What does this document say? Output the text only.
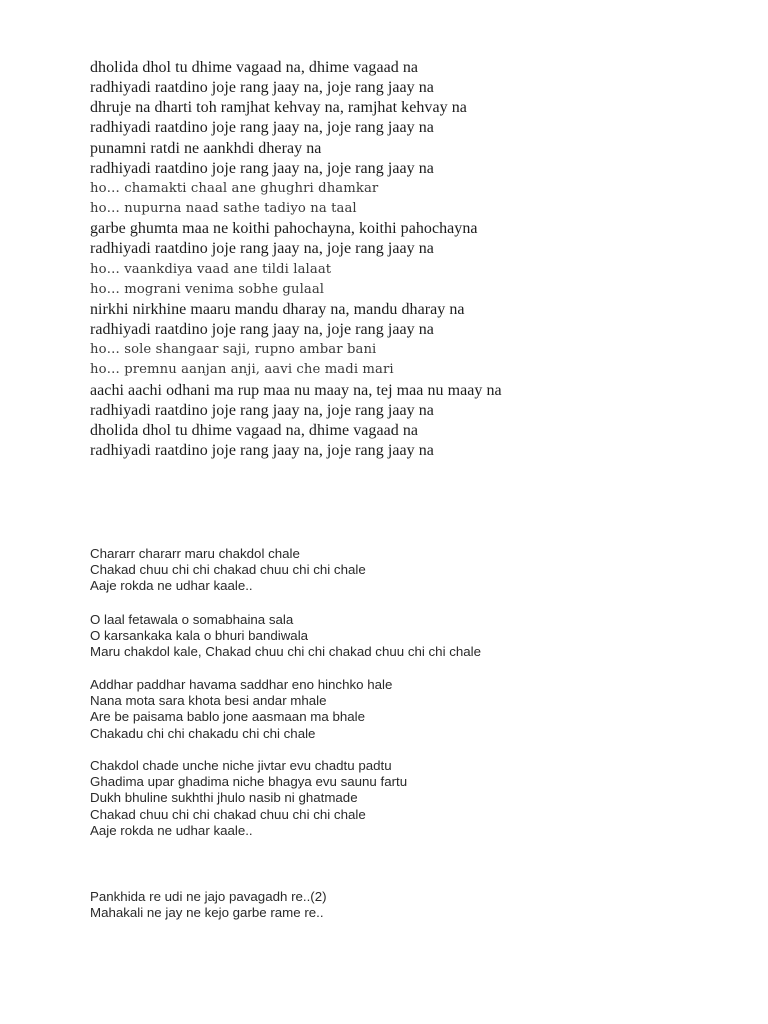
dholida dhol tu dhime vagaad na, dhime vagaad na
radhiyadi raatdino joje rang jaay na, joje rang jaay na
dhruje na dharti toh ramjhat kehvay na, ramjhat kehvay na
radhiyadi raatdino joje rang jaay na, joje rang jaay na
punamni ratdi ne aankhdi dheray na
radhiyadi raatdino joje rang jaay na, joje rang jaay na
ho… chamakti chaal ane ghughri dhamkar
ho… nupurna naad sathe tadiyo na taal
garbe ghumta maa ne koithi pahochayna, koithi pahochayna
radhiyadi raatdino joje rang jaay na, joje rang jaay na
ho… vaankdiya vaad ane tildi lalaat
ho… mograni venima sobhe gulaal
nirkhi nirkhine maaru mandu dharay na, mandu dharay na
radhiyadi raatdino joje rang jaay na, joje rang jaay na
ho… sole shangaar saji, rupno ambar bani
ho… premnu aanjan anji, aavi che madi mari
aachi aachi odhani ma rup maa nu maay na, tej maa nu maay na
radhiyadi raatdino joje rang jaay na, joje rang jaay na
dholida dhol tu dhime vagaad na, dhime vagaad na
radhiyadi raatdino joje rang jaay na, joje rang jaay na
Chararr chararr maru chakdol chale
Chakad chuu chi chi chakad chuu chi chi chale
Aaje rokda ne udhar kaale..
O laal fetawala o somabhaina sala
O karsankaka kala o bhuri bandiwala
Maru chakdol kale, Chakad chuu chi chi chakad chuu chi chi chale
Addhar paddhar havama saddhar eno hinchko hale
Nana mota sara khota besi andar mhale
Are be paisama bablo jone aasmaan ma bhale
Chakadu chi chi chakadu chi chi chale
Chakdol chade unche niche jivtar evu chadtu padtu
Ghadima upar ghadima niche bhagya evu saunu fartu
Dukh bhuline sukhthi jhulo nasib ni ghatmade
Chakad chuu chi chi chakad chuu chi chi chale
Aaje rokda ne udhar kaale..
Pankhida re udi ne jajo pavagadh re..(2)
Mahakali ne jay ne kejo garbe rame re..
